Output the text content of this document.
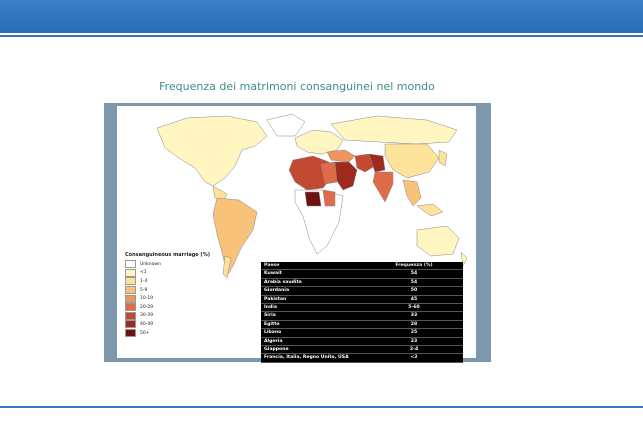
Frequenza dei matrimoni consanguinei nel mondo
Consanguineous marriage (%)
Unknown
<1
1-4
5-9
10-19
20-29
30-39
40-49
50+
Paese	Frequenza (%)
Kuwait	54
Arabia saudita	54
Giordania	50
Pakistan	45
India	5-60
Siria	33
Egitto	28
Libano	25
Algeria	23
Giappone	2-4
Francia, Italia, Regno Unito, USA	<2
